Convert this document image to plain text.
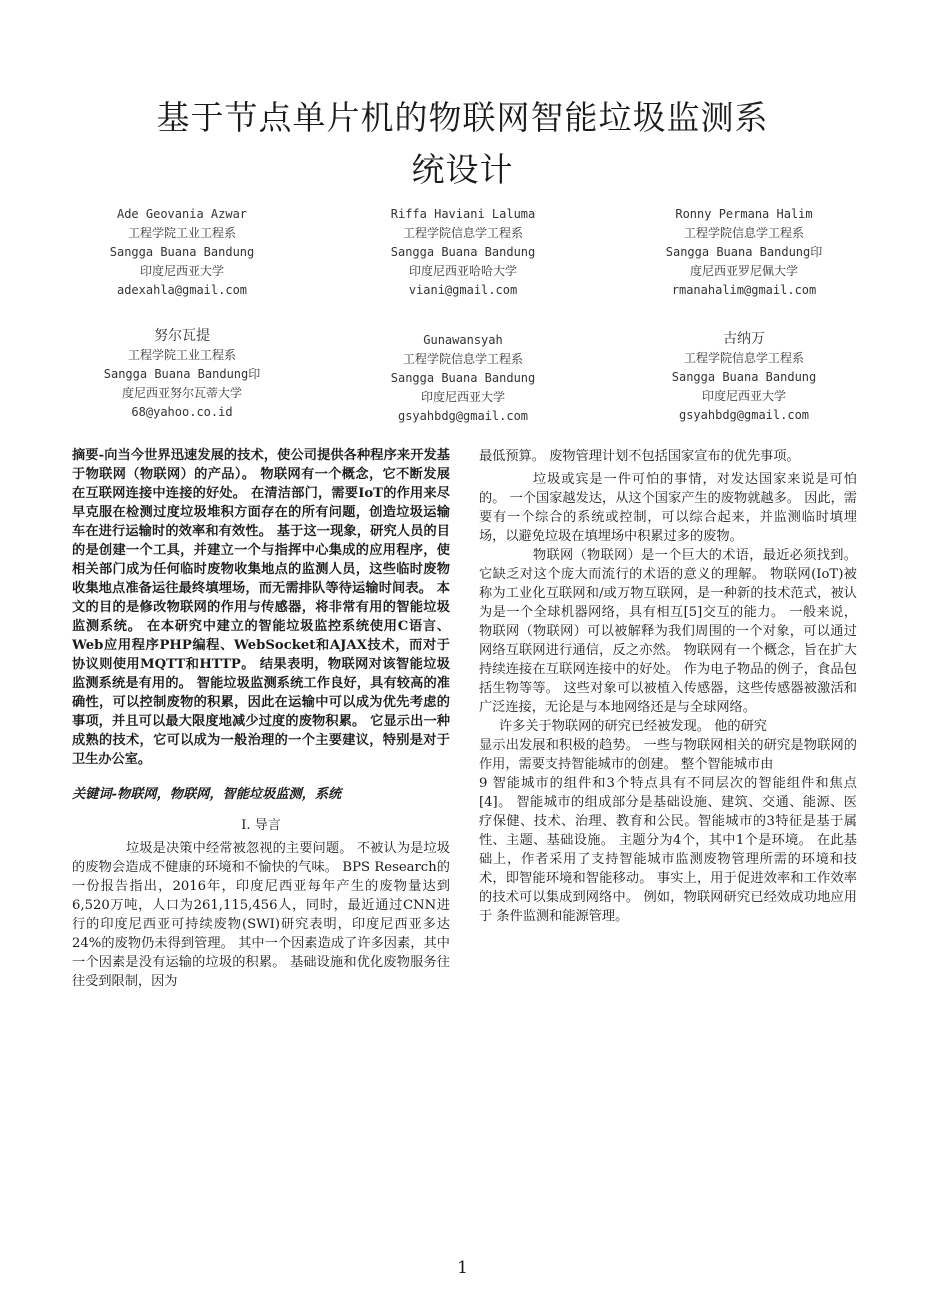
基于节点单片机的物联网智能垃圾监测系
统设计
Ade Geovania Azwar
工程学院工业工程系
Sangga Buana Bandung
印度尼西亚大学
adexahla@gmail.com
Riffa Haviani Laluma
工程学院信息学工程系
Sangga Buana Bandung
印度尼西亚哈哈大学
viani@gmail.com
Ronny Permana Halim
工程学院信息学工程系
Sangga Buana Bandung印
度尼西亚罗尼佩大学
rmanahalim@gmail.com
努尔瓦提
工程学院工业工程系
Sangga Buana Bandung印
度尼西亚努尔瓦蒂大学
68@yahoo.co.id
Gunawansyah
工程学院信息学工程系
Sangga Buana Bandung
印度尼西亚大学
gsyahbdg@gmail.com
古纳万
工程学院信息学工程系
Sangga Buana Bandung
印度尼西亚大学
gsyahbdg@gmail.com

摘要-向当今世界迅速发展的技术，使公司提供各种程序来开发基于物联网（物联网）的产品）。 物联网有一个概念，它不断发展在互联网连接中连接的好处。 在清洁部门，需要IoT的作用来尽早克服在检测过度垃圾堆积方面存在的所有问题，创造垃圾运输车在进行运输时的效率和有效性。 基于这一现象，研究人员的目的是创建一个工具，并建立一个与指挥中心集成的应用程序，使相关部门成为任何临时废物收集地点的监测人员，这些临时废物收集地点准备运往最终填埋场，而无需排队等待运输时间表。 本文的目的是修改物联网的作用与传感器，将非常有用的智能垃圾监测系统。 在本研究中建立的智能垃圾监控系统使用C语言、Web应用程序PHP编程、WebSocket和AJAX技术，而对于协议则使用MQTT和HTTP。 结果表明，物联网对该智能垃圾监测系统是有用的。 智能垃圾监测系统工作良好，具有较高的准确性，可以控制废物的积累，因此在运输中可以成为优先考虑的事项，并且可以最大限度地减少过度的废物积累。 它显示出一种成熟的技术，它可以成为一般治理的一个主要建议，特别是对于卫生办公室。

关键词-物联网，物联网，智能垃圾监测，系统

I. 导言

垃圾是决策中经常被忽视的主要问题。 不被认为是垃圾的废物会造成不健康的环境和不愉快的气味。 BPS Research的一份报告指出，2016年，印度尼西亚每年产生的废物量达到6,520万吨，人口为261,115,456人，同时，最近通过CNN进行的印度尼西亚可持续废物(SWI)研究表明，印度尼西亚多达24%的废物仍未得到管理。 其中一个因素造成了许多因素，其中一个因素是没有运输的垃圾的积累。 基础设施和优化废物服务往往受到限制，因为

最低预算。 废物管理计划不包括国家宣布的优先事项。

垃圾或宾是一件可怕的事情，对发达国家来说是可怕的。 一个国家越发达，从这个国家产生的废物就越多。 因此，需要有一个综合的系统或控制，可以综合起来，并监测临时填埋场，以避免垃圾在填埋场中积累过多的废物。

物联网（物联网）是一个巨大的术语，最近必须找到。 它缺乏对这个庞大而流行的术语的意义的理解。 物联网(IoT)被称为工业化互联网和/或万物互联网，是一种新的技术范式，被认为是一个全球机器网络，具有相互[5]交互的能力。 一般来说，物联网（物联网）可以被解释为我们周围的一个对象，可以通过网络互联网进行通信，反之亦然。 物联网有一个概念，旨在扩大持续连接在互联网连接中的好处。 作为电子物品的例子，食品包括生物等等。 这些对象可以被植入传感器，这些传感器被激活和广泛连接，无论是与本地网络还是与全球网络。

许多关于物联网的研究已经被发现。 他的研究

显示出发展和积极的趋势。 一些与物联网相关的研究是物联网的作用，需要支持智能城市的创建。 整个智能城市由

9 智能城市的组件和3个特点具有不同层次的智能组件和焦点[4]。 智能城市的组成部分是基础设施、建筑、交通、能源、医疗保健、技术、治理、教育和公民。智能城市的3特征是基于属性、主题、基础设施。 主题分为4个，其中1个是环境。 在此基础上，作者采用了支持智能城市监测废物管理所需的环境和技术，即智能环境和智能移动。 事实上，用于促进效率和工作效率的技术可以集成到网络中。 例如，物联网研究已经效成功地应用于 条件监测和能源管理。

1
